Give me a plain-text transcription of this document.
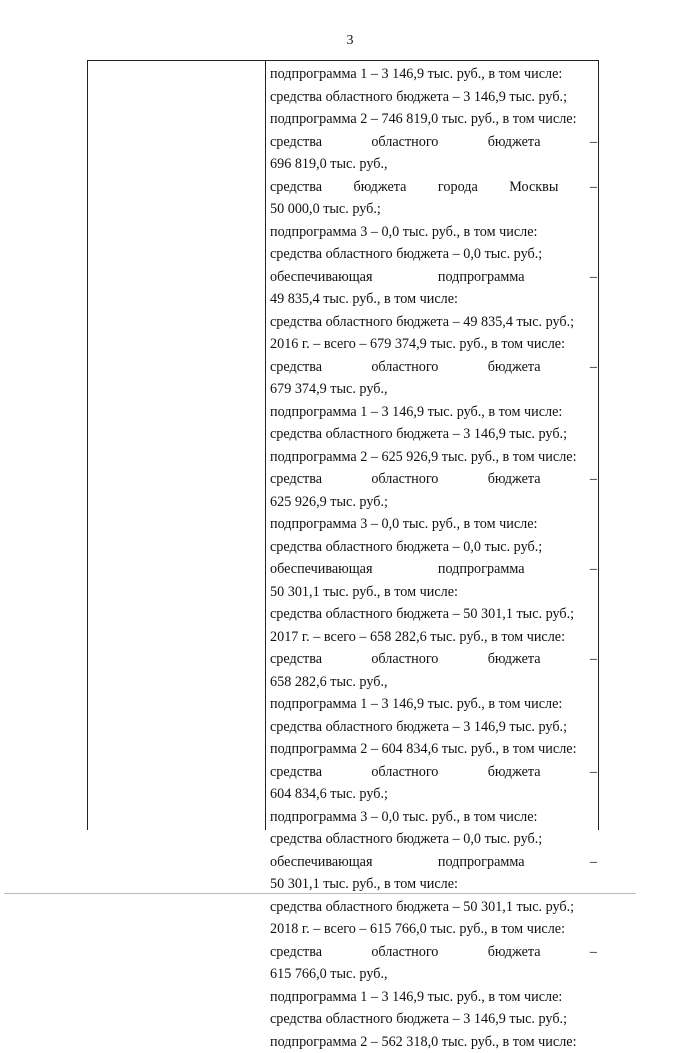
3
подпрограмма 1 – 3 146,9 тыс. руб., в том числе:
средства областного бюджета – 3 146,9 тыс. руб.;
подпрограмма 2 – 746 819,0 тыс. руб., в том числе:
средства областного бюджета –
696 819,0 тыс. руб.,
средства бюджета города Москвы –
50 000,0 тыс. руб.;
подпрограмма 3 – 0,0 тыс. руб., в том числе:
средства областного бюджета – 0,0 тыс. руб.;
обеспечивающая подпрограмма –
49 835,4 тыс. руб., в том числе:
средства областного бюджета – 49 835,4 тыс. руб.;
2016 г. – всего – 679 374,9 тыс. руб., в том числе:
средства областного бюджета –
679 374,9 тыс. руб.,
подпрограмма 1 – 3 146,9 тыс. руб., в том числе:
средства областного бюджета – 3 146,9 тыс. руб.;
подпрограмма 2 – 625 926,9 тыс. руб., в том числе:
средства областного бюджета –
625 926,9 тыс. руб.;
подпрограмма 3 – 0,0 тыс. руб., в том числе:
средства областного бюджета – 0,0 тыс. руб.;
обеспечивающая подпрограмма –
50 301,1 тыс. руб., в том числе:
средства областного бюджета – 50 301,1 тыс. руб.;
2017 г. – всего – 658 282,6 тыс. руб., в том числе:
средства областного бюджета –
658 282,6 тыс. руб.,
подпрограмма 1 – 3 146,9 тыс. руб., в том числе:
средства областного бюджета – 3 146,9 тыс. руб.;
подпрограмма 2 – 604 834,6 тыс. руб., в том числе:
средства областного бюджета –
604 834,6 тыс. руб.;
подпрограмма 3 – 0,0 тыс. руб., в том числе:
средства областного бюджета – 0,0 тыс. руб.;
обеспечивающая подпрограмма –
50 301,1 тыс. руб., в том числе:
средства областного бюджета – 50 301,1 тыс. руб.;
2018 г. – всего – 615 766,0 тыс. руб., в том числе:
средства областного бюджета –
615 766,0 тыс. руб.,
подпрограмма 1 – 3 146,9 тыс. руб., в том числе:
средства областного бюджета – 3 146,9 тыс. руб.;
подпрограмма 2 – 562 318,0 тыс. руб., в том числе:
